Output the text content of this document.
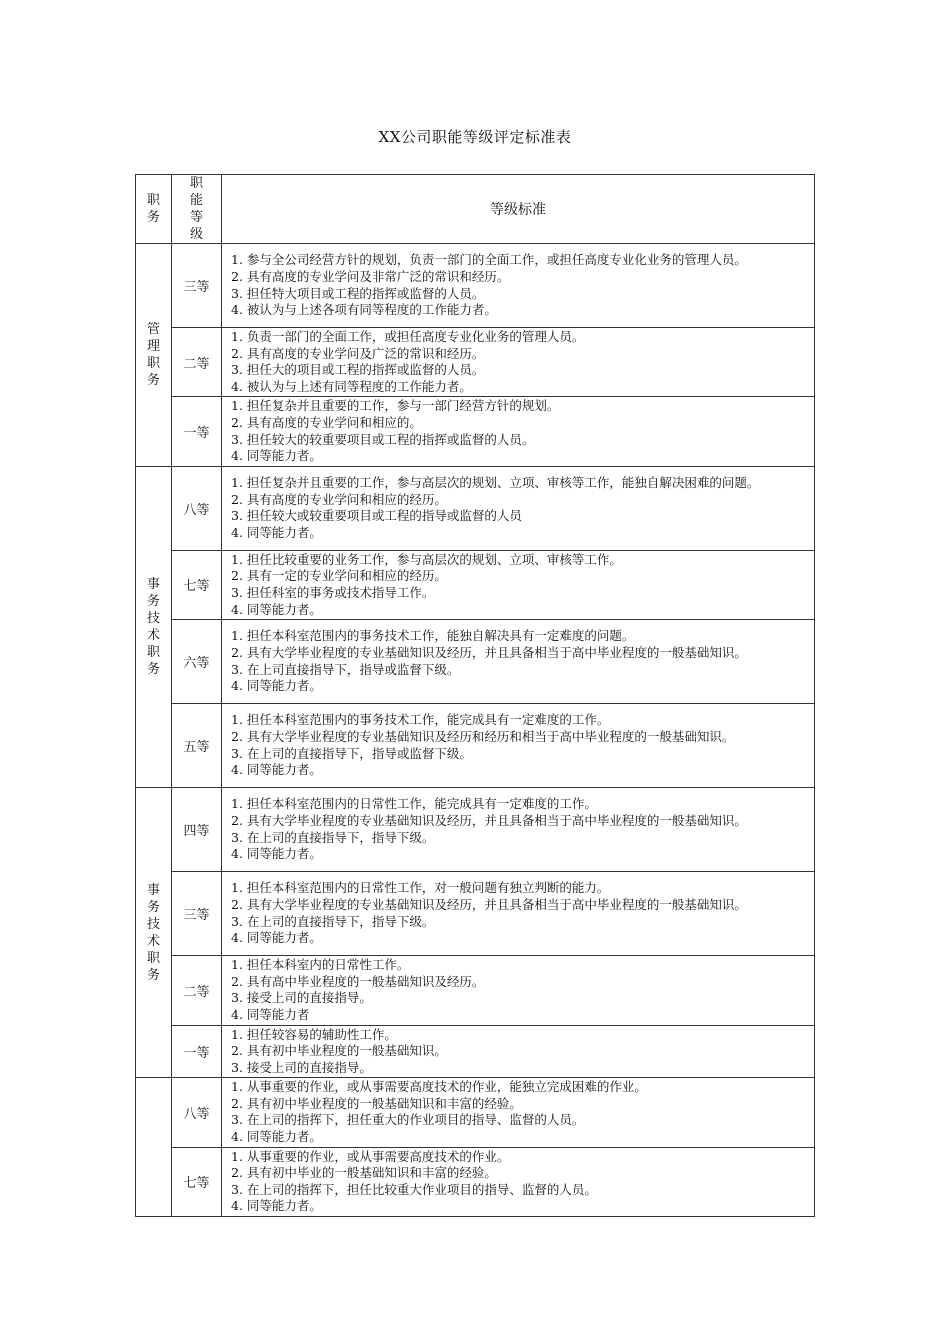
XX公司职能等级评定标准表
职务	职能等级	等级标准
管理职务	三等	1. 参与全公司经营方针的规划，负责一部门的全面工作，或担任高度专业化业务的管理人员。
2. 具有高度的专业学问及非常广泛的常识和经历。
3. 担任特大项目或工程的指挥或监督的人员。
4. 被认为与上述各项有同等程度的工作能力者。

	二等	1. 负责一部门的全面工作，或担任高度专业化业务的管理人员。
2. 具有高度的专业学问及广泛的常识和经历。
3. 担任大的项目或工程的指挥或监督的人员。
4. 被认为与上述有同等程度的工作能力者。

	一等	1. 担任复杂并且重要的工作，参与一部门经营方针的规划。
2. 具有高度的专业学问和相应的。
3. 担任较大的较重要项目或工程的指挥或监督的人员。
4. 同等能力者。

事务技术职务	八等	1. 担任复杂并且重要的工作，参与高层次的规划、立项、审核等工作，能独自解决困难的问题。
2. 具有高度的专业学问和相应的经历。
3. 担任较大或较重要项目或工程的指导或监督的人员
4. 同等能力者。

	七等	1. 担任比较重要的业务工作，参与高层次的规划、立项、审核等工作。
2. 具有一定的专业学问和相应的经历。
3. 担任科室的事务或技术指导工作。
4. 同等能力者。

	六等	1. 担任本科室范围内的事务技术工作，能独自解决具有一定难度的问题。
2. 具有大学毕业程度的专业基础知识及经历，并且具备相当于高中毕业程度的一般基础知识。
3. 在上司直接指导下，指导或监督下级。
4. 同等能力者。

	五等	1. 担任本科室范围内的事务技术工作，能完成具有一定难度的工作。
2. 具有大学毕业程度的专业基础知识及经历和经历和相当于高中毕业程度的一般基础知识。
3. 在上司的直接指导下，指导或监督下级。
4. 同等能力者。

事务技术职务	四等	1. 担任本科室范围内的日常性工作，能完成具有一定难度的工作。
2. 具有大学毕业程度的专业基础知识及经历，并且具备相当于高中毕业程度的一般基础知识。
3. 在上司的直接指导下，指导下级。
4. 同等能力者。

	三等	1. 担任本科室范围内的日常性工作，对一般问题有独立判断的能力。
2. 具有大学毕业程度的专业基础知识及经历，并且具备相当于高中毕业程度的一般基础知识。
3. 在上司的直接指导下，指导下级。
4. 同等能力者。

	二等	1. 担任本科室内的日常性工作。
2. 具有高中毕业程度的一般基础知识及经历。
3. 接受上司的直接指导。
4. 同等能力者

	一等	1. 担任较容易的辅助性工作。
2. 具有初中毕业程度的一般基础知识。
3. 接受上司的直接指导。

	八等	1. 从事重要的作业，或从事需要高度技术的作业，能独立完成困难的作业。
2. 具有初中毕业程度的一般基础知识和丰富的经验。
3. 在上司的指挥下，担任重大的作业项目的指导、监督的人员。
4. 同等能力者。

	七等	1. 从事重要的作业，或从事需要高度技术的作业。
2. 具有初中毕业的一般基础知识和丰富的经验。
3. 在上司的指挥下，担任比较重大作业项目的指导、监督的人员。
4. 同等能力者。
